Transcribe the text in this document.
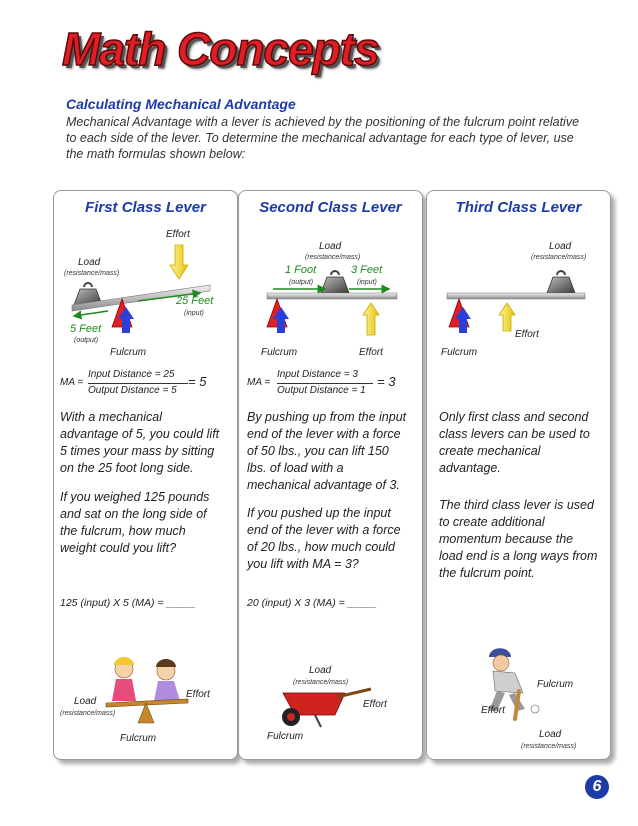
Math Concepts
Calculating Mechanical Advantage
Mechanical Advantage with a lever is achieved by the positioning of the fulcrum point relative to each side of the lever. To determine the mechanical advantage for each type of lever, use the math formulas shown below:
First Class Lever
Effort
Load
(resistance/mass)
25 Feet
(input)
5 Feet
(output)
Fulcrum
MA =
Input Distance = 25
Output Distance = 5
= 5
With a mechanical advantage of 5, you could lift 5 times your mass by sitting on the 25 foot long side.
If you weighed 125 pounds and sat on the long side of the fulcrum, how much weight could you lift?
125 (input) X 5 (MA) = _____
Load
(resistance/mass)
Effort
Fulcrum
Second Class Lever
Load
(resistance/mass)
1 Foot
(output)
3 Feet
(input)
Fulcrum	Effort
MA =
Input Distance = 3
Output Distance = 1
= 3
By pushing up from the input end of the lever with a force of 50 lbs., you can lift 150 lbs. of load with a mechanical advantage of 3.
If you pushed up the input end of the lever with a force of 20 lbs., how much could you lift with MA = 3?
20 (input) X 3 (MA) = _____
Load
(resistance/mass)
Effort
Fulcrum
Third Class Lever
Load
(resistance/mass)
Effort
Fulcrum
Only first class and second class levers can be used to create mechanical advantage.
The third class lever is used to create additional momentum because the load end is a long ways from the fulcrum point.
Fulcrum
Effort
Load
(resistance/mass)
6
